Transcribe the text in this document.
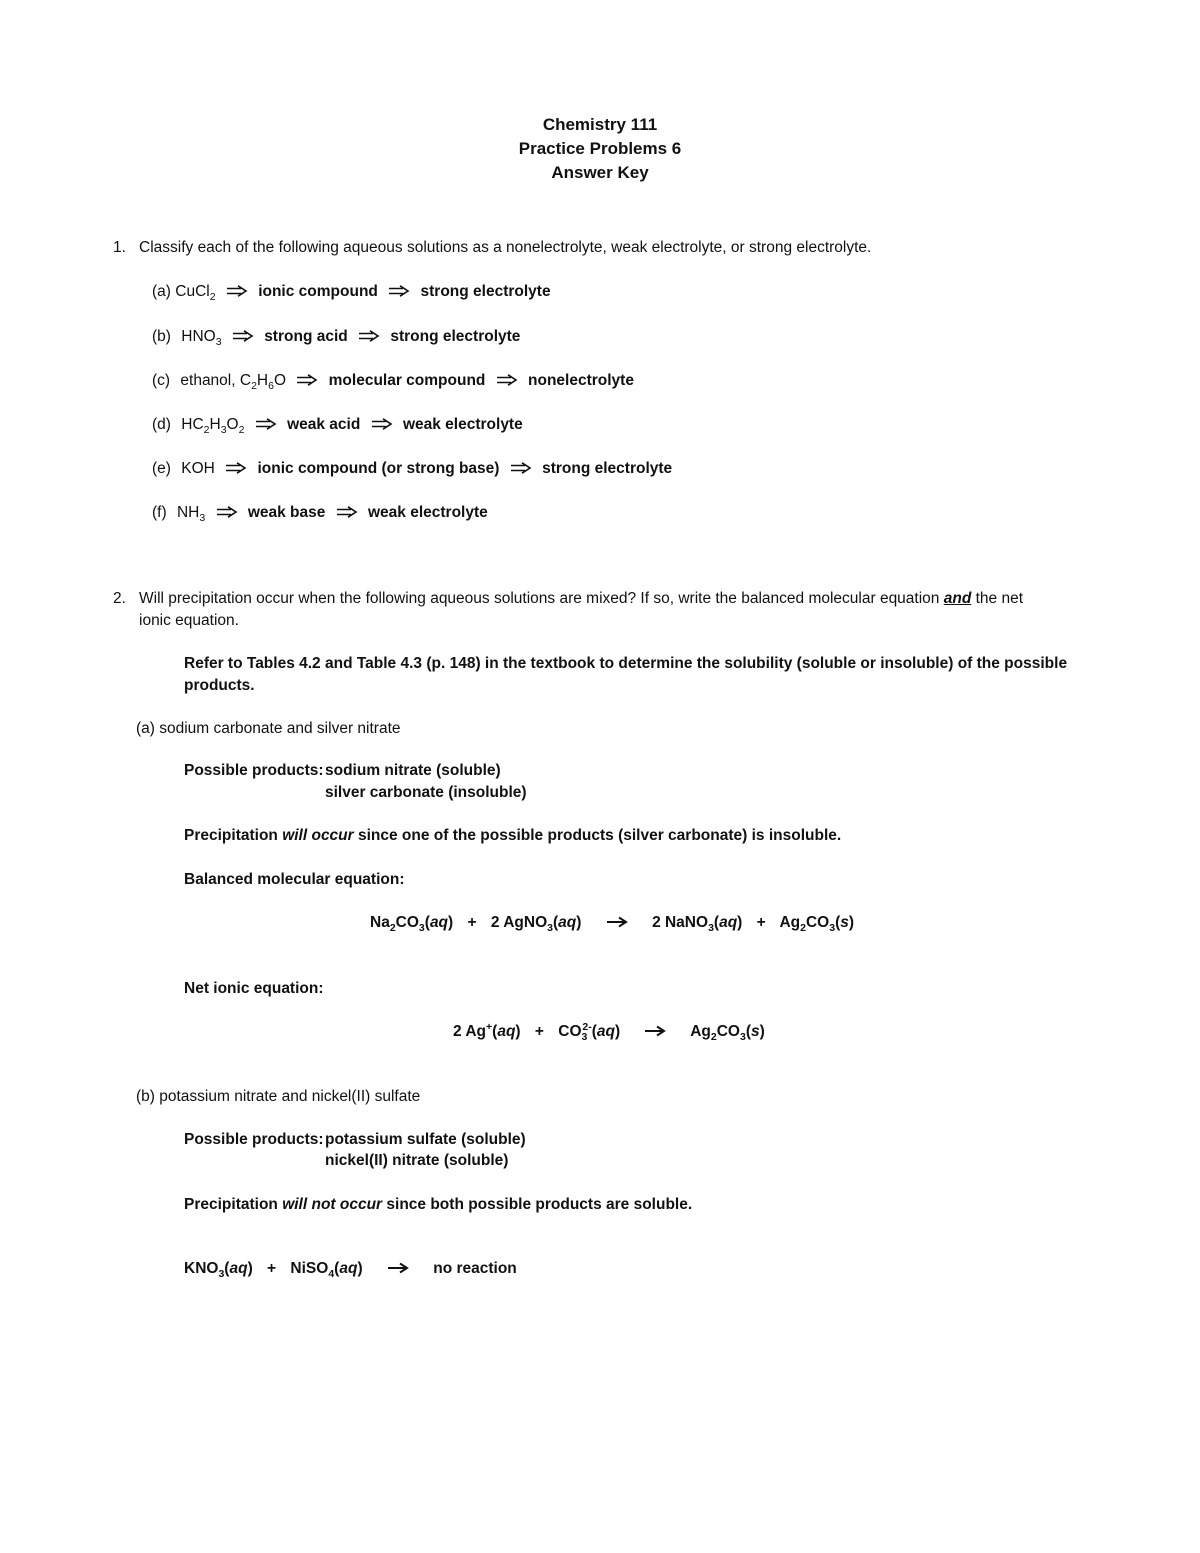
Chemistry 111
Practice Problems 6
Answer Key
1. Classify each of the following aqueous solutions as a nonelectrolyte, weak electrolyte, or strong electrolyte.
(a) CuCl$_2$	ionic compound	strong electrolyte
(b) $HNO_3$	strong acid	strong electrolyte
(c) ethanol, $C_2H_6O$	molecular compound	nonelectrolyte
(d) $HC_2H_3O_2$	weak acid	weak electrolyte
(e) KOH	ionic compound (or strong base)	strong electrolyte
(f) $NH_3$	weak base	weak electrolyte
2. Will precipitation occur when the following aqueous solutions are mixed? If so, write the balanced molecular equation and the net
ionic equation.
Refer to Tables 4.2 and Table 4.3 (p. 148) in the textbook to determine the solubility (soluble or insoluble) of the possible
products.
(a) sodium carbonate and silver nitrate
Possible products: sodium nitrate (soluble)
silver carbonate (insoluble)
Precipitation will occur since one of the possible products (silver carbonate) is insoluble.
Balanced molecular equation:
$Na_2CO_3(aq) + 2$ AgNO$_3$(aq)	2 NaNO$_3$(aq) + $Ag_2CO_3(s)$
Net ionic equation:
2 $Ag^+(aq) + CO_3^{2-}(aq)$	$Ag_2CO_3(s)$
(b) potassium nitrate and nickel(II) sulfate
Possible products: potassium sulfate (soluble)
nickel(II) nitrate (soluble)
Precipitation will not occur since both possible products are soluble.
$KNO_3(aq)$ + NiSO$_4$(aq)	no reaction
